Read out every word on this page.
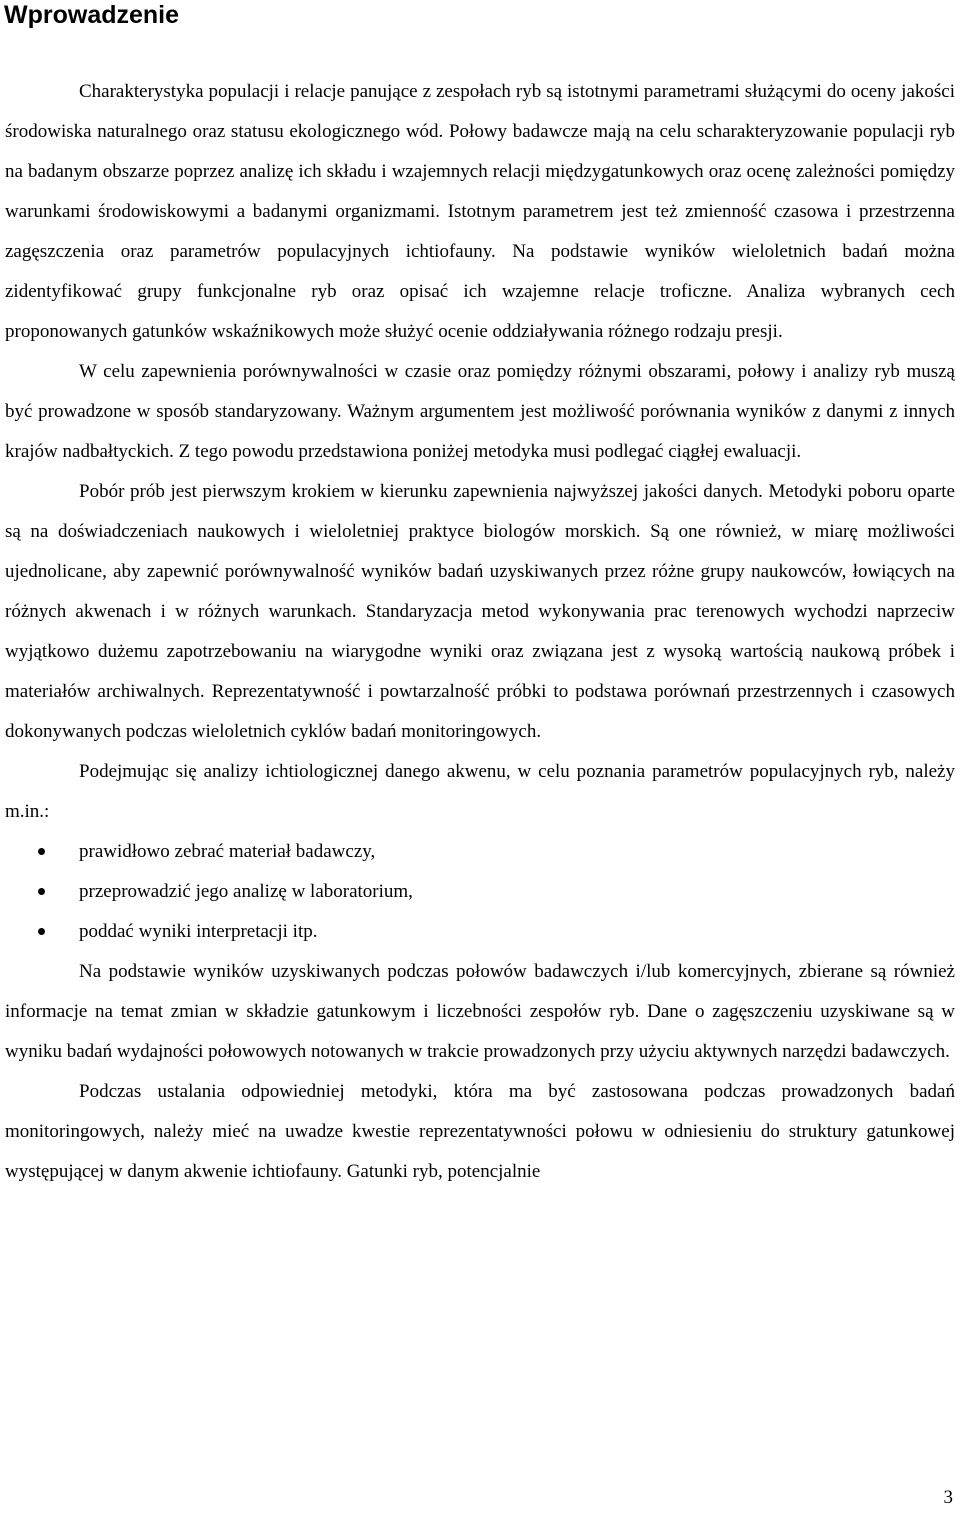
Wprowadzenie

Charakterystyka populacji i relacje panujące z zespołach ryb są istotnymi parametrami służącymi do oceny jakości środowiska naturalnego oraz statusu ekologicznego wód. Połowy badawcze mają na celu scharakteryzowanie populacji ryb na badanym obszarze poprzez analizę ich składu i wzajemnych relacji międzygatunkowych oraz ocenę zależności pomiędzy warunkami środowiskowymi a badanymi organizmami. Istotnym parametrem jest też zmienność czasowa i przestrzenna zagęszczenia oraz parametrów populacyjnych ichtiofauny. Na podstawie wyników wieloletnich badań można zidentyfikować grupy funkcjonalne ryb oraz opisać ich wzajemne relacje troficzne. Analiza wybranych cech proponowanych gatunków wskaźnikowych może służyć ocenie oddziaływania różnego rodzaju presji.

W celu zapewnienia porównywalności w czasie oraz pomiędzy różnymi obszarami, połowy i analizy ryb muszą być prowadzone w sposób standaryzowany. Ważnym argumentem jest możliwość porównania wyników z danymi z innych krajów nadbałtyckich. Z tego powodu przedstawiona poniżej metodyka musi podlegać ciągłej ewaluacji.

Pobór prób jest pierwszym krokiem w kierunku zapewnienia najwyższej jakości danych. Metodyki poboru oparte są na doświadczeniach naukowych i wieloletniej praktyce biologów morskich. Są one również, w miarę możliwości ujednolicane, aby zapewnić porównywalność wyników badań uzyskiwanych przez różne grupy naukowców, łowiących na różnych akwenach i w różnych warunkach. Standaryzacja metod wykonywania prac terenowych wychodzi naprzeciw wyjątkowo dużemu zapotrzebowaniu na wiarygodne wyniki oraz związana jest z wysoką wartością naukową próbek i materiałów archiwalnych. Reprezentatywność i powtarzalność próbki to podstawa porównań przestrzennych i czasowych dokonywanych podczas wieloletnich cykló​w badań monitoringowych.

Podejmując się analizy ichtiologicznej danego akwenu, w celu poznania parametrów populacyjnych ryb, należy m.in.:

prawidłowo zebrać materiał badawczy,
przeprowadzić jego analizę w laboratorium,
poddać wyniki interpretacji itp.

Na podstawie wyników uzyskiwanych podczas połowów badawczych i/lub komercyjnych, zbierane są również informacje na temat zmian w składzie gatunkowym i liczebności zespołów ryb. Dane o zagęszczeniu uzyskiwane są w wyniku badań wydajności połowowych notowanych w trakcie prowadzonych przy użyciu aktywnych narzędzi badawczych.

Podczas ustalania odpowiedniej metodyki, która ma być zastosowana podczas prowadzonych badań monitoringowych, należy mieć na uwadze kwestie reprezentatywności połowu w odniesieniu do struktury gatunkowej występującej w danym akwenie ichtiofauny. Gatunki ryb, potencjalnie

3
